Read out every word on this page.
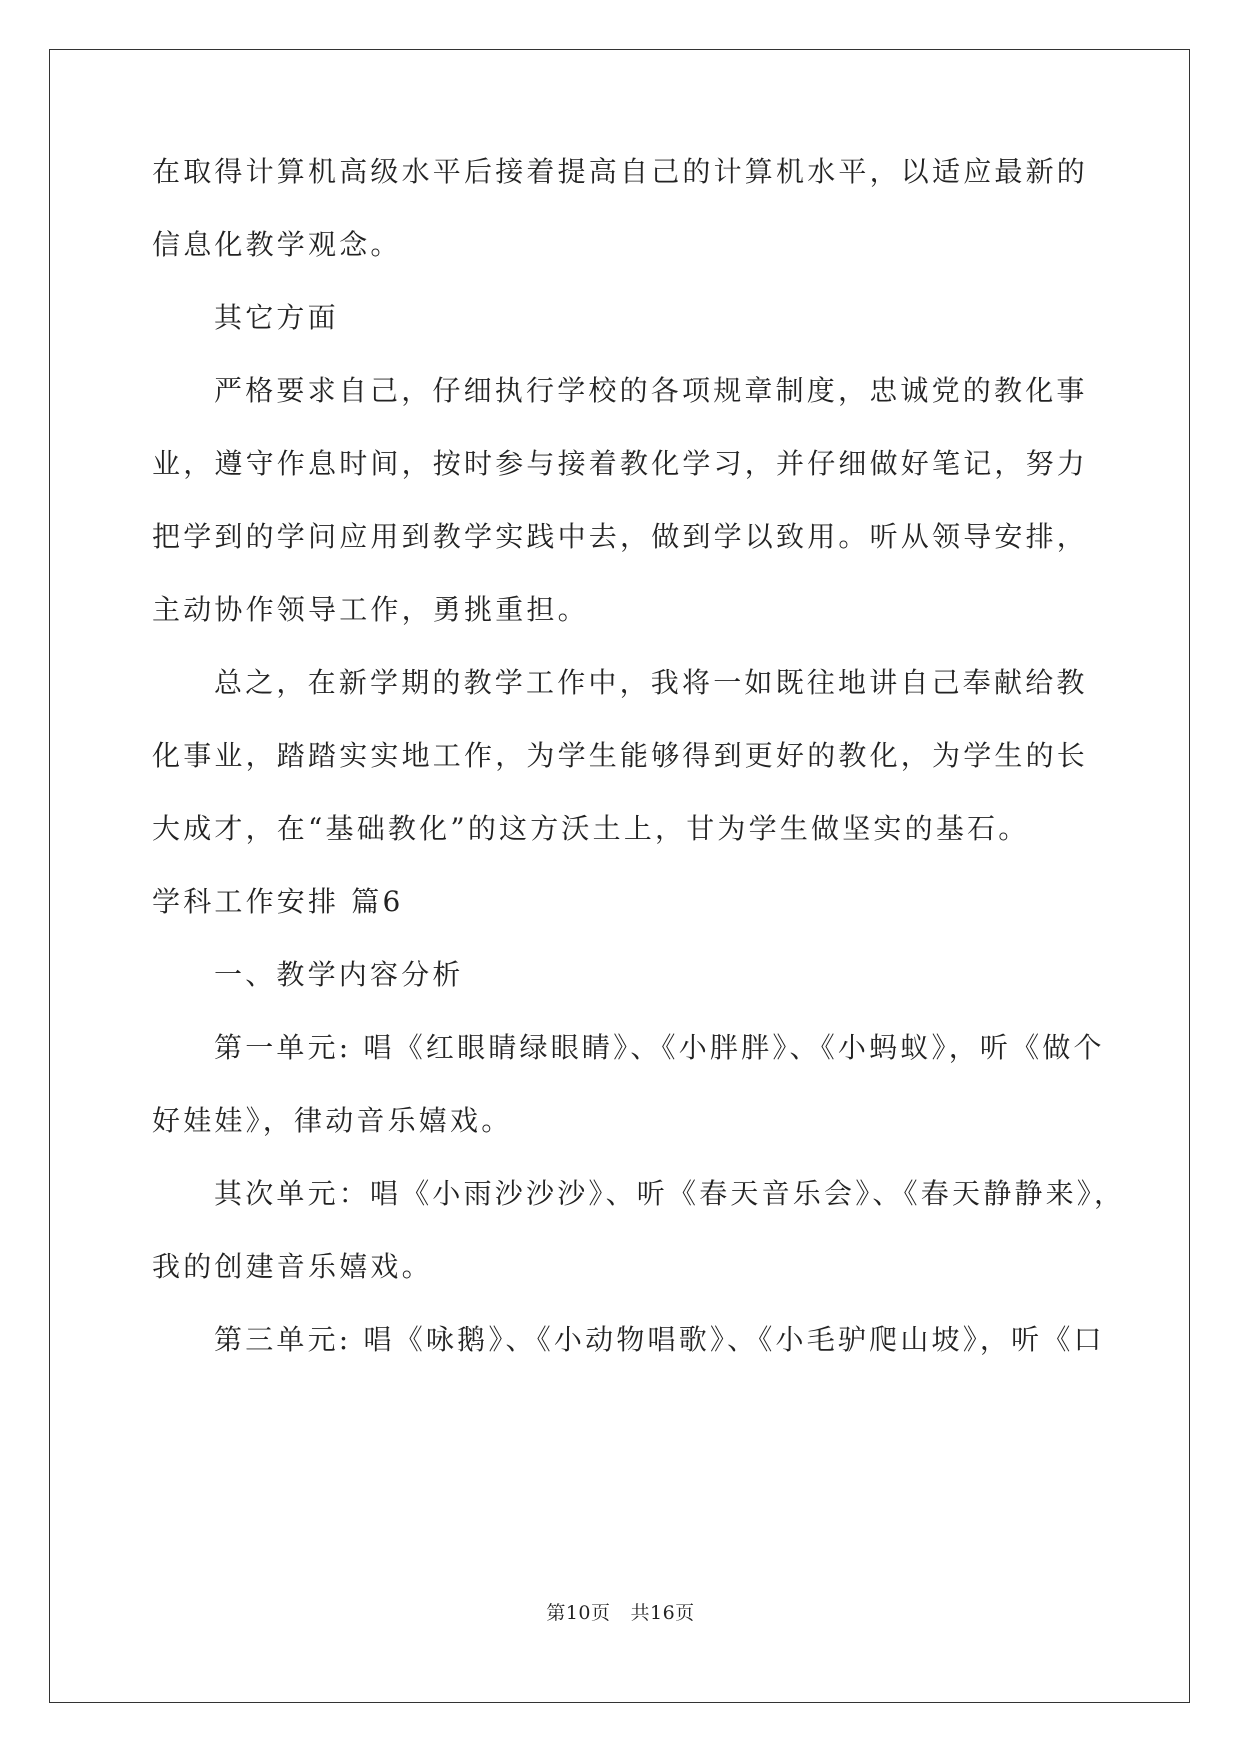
在取得计算机高级水平后接着提高自己的计算机水平，以适应最新的
信息化教学观念。
其它方面
严格要求自己，仔细执行学校的各项规章制度，忠诚党的教化事
业，遵守作息时间，按时参与接着教化学习，并仔细做好笔记，努力
把学到的学问应用到教学实践中去，做到学以致用。听从领导安排，
主动协作领导工作，勇挑重担。
总之，在新学期的教学工作中，我将一如既往地讲自己奉献给教
化事业，踏踏实实地工作，为学生能够得到更好的教化，为学生的长
大成才，在“基础教化”的这方沃土上，甘为学生做坚实的基石。
学科工作安排 篇6
一、教学内容分析
第一单元: 唱《红眼睛绿眼睛》、《小胖胖》、《小蚂蚁》，听《做个
好娃娃》，律动音乐嬉戏。
其次单元：唱《小雨沙沙沙》、听《春天音乐会》、《春天静静来》，
我的创建音乐嬉戏。
第三单元: 唱《咏鹅》、《小动物唱歌》、《小毛驴爬山坡》，听《口
第10页 共16页
